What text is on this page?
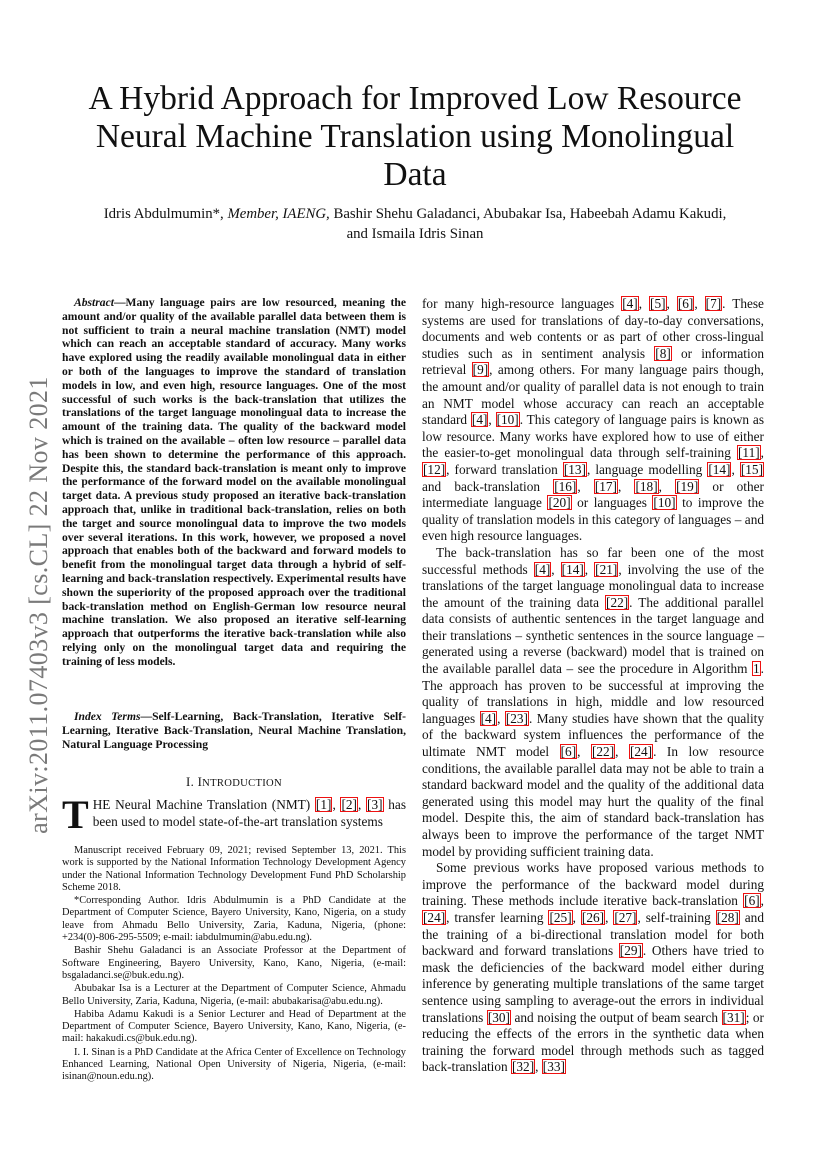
arXiv:2011.07403v3 [cs.CL] 22 Nov 2021
A Hybrid Approach for Improved Low Resource
Neural Machine Translation using Monolingual
Data
Idris Abdulmumin*, Member, IAENG, Bashir Shehu Galadanci, Abubakar Isa, Habeebah Adamu Kakudi,
and Ismaila Idris Sinan

Abstract—Many language pairs are low resourced, meaning the amount and/or quality of the available parallel data between them is not sufficient to train a neural machine translation (NMT) model which can reach an acceptable standard of accuracy. Many works have explored using the readily available monolingual data in either or both of the languages to improve the standard of translation models in low, and even high, resource languages. One of the most successful of such works is the back-translation that utilizes the translations of the target language monolingual data to increase the amount of the training data. The quality of the backward model which is trained on the available – often low resource – parallel data has been shown to determine the performance of this approach. Despite this, the standard back-translation is meant only to improve the performance of the forward model on the available monolingual target data. A previous study proposed an iterative back-translation approach that, unlike in traditional back-translation, relies on both the target and source monolingual data to improve the two models over several iterations. In this work, however, we proposed a novel approach that enables both of the backward and forward models to benefit from the monolingual target data through a hybrid of self-learning and back-translation respectively. Experimental results have shown the superiority of the proposed approach over the traditional back-translation method on English-German low resource neural machine translation. We also proposed an iterative self-learning approach that outperforms the iterative back-translation while also relying only on the monolingual target data and requiring the training of less models.

Index Terms—Self-Learning, Back-Translation, Iterative Self-Learning, Iterative Back-Translation, Neural Machine Translation, Natural Language Processing

I. INTRODUCTION

THE Neural Machine Translation (NMT) [1], [2], [3] has been used to model state-of-the-art translation systems

Manuscript received February 09, 2021; revised September 13, 2021. This work is supported by the National Information Technology Development Agency under the National Information Technology Development Fund PhD Scholarship Scheme 2018.

*Corresponding Author. Idris Abdulmumin is a PhD Candidate at the Department of Computer Science, Bayero University, Kano, Nigeria, on a study leave from Ahmadu Bello University, Zaria, Kaduna, Nigeria, (phone: +234(0)-806-295-5509; e-mail: iabdulmumin@abu.edu.ng).

Bashir Shehu Galadanci is an Associate Professor at the Department of Software Engineering, Bayero University, Kano, Kano, Nigeria, (e-mail: bsgaladanci.se@buk.edu.ng).

Abubakar Isa is a Lecturer at the Department of Computer Science, Ahmadu Bello University, Zaria, Kaduna, Nigeria, (e-mail: abubakarisa@abu.edu.ng).

Habiba Adamu Kakudi is a Senior Lecturer and Head of Department at the Department of Computer Science, Bayero University, Kano, Kano, Nigeria, (e-mail: hakakudi.cs@buk.edu.ng).

I. I. Sinan is a PhD Candidate at the Africa Center of Excellence on Technology Enhanced Learning, National Open University of Nigeria, Nigeria, (e-mail: isinan@noun.edu.ng).

for many high-resource languages [4], [5], [6], [7]. These systems are used for translations of day-to-day conversations, documents and web contents or as part of other cross-lingual studies such as in sentiment analysis [8] or information retrieval [9], among others. For many language pairs though, the amount and/or quality of parallel data is not enough to train an NMT model whose accuracy can reach an acceptable standard [4], [10]. This category of language pairs is known as low resource. Many works have explored how to use of either the easier-to-get monolingual data through self-training [11], [12], forward translation [13], language modelling [14], [15] and back-translation [16], [17], [18], [19] or other intermediate language [20] or languages [10] to improve the quality of translation models in this category of languages – and even high resource languages.

The back-translation has so far been one of the most successful methods [4], [14], [21], involving the use of the translations of the target language monolingual data to increase the amount of the training data [22]. The additional parallel data consists of authentic sentences in the target language and their translations – synthetic sentences in the source language – generated using a reverse (backward) model that is trained on the available parallel data – see the procedure in Algorithm 1. The approach has proven to be successful at improving the quality of translations in high, middle and low resourced languages [4], [23]. Many studies have shown that the quality of the backward system influences the performance of the ultimate NMT model [6], [22], [24]. In low resource conditions, the available parallel data may not be able to train a standard backward model and the quality of the additional data generated using this model may hurt the quality of the final model. Despite this, the aim of standard back-translation has always been to improve the performance of the target NMT model by providing sufficient training data.

Some previous works have proposed various methods to improve the performance of the backward model during training. These methods include iterative back-translation [6], [24], transfer learning [25], [26], [27], self-training [28] and the training of a bi-directional translation model for both backward and forward translations [29]. Others have tried to mask the deficiencies of the backward model either during inference by generating multiple translations of the same target sentence using sampling to average-out the errors in individual translations [30] and noising the output of beam search [31]; or reducing the effects of the errors in the synthetic data when training the forward model through methods such as tagged back-translation [32], [33]
